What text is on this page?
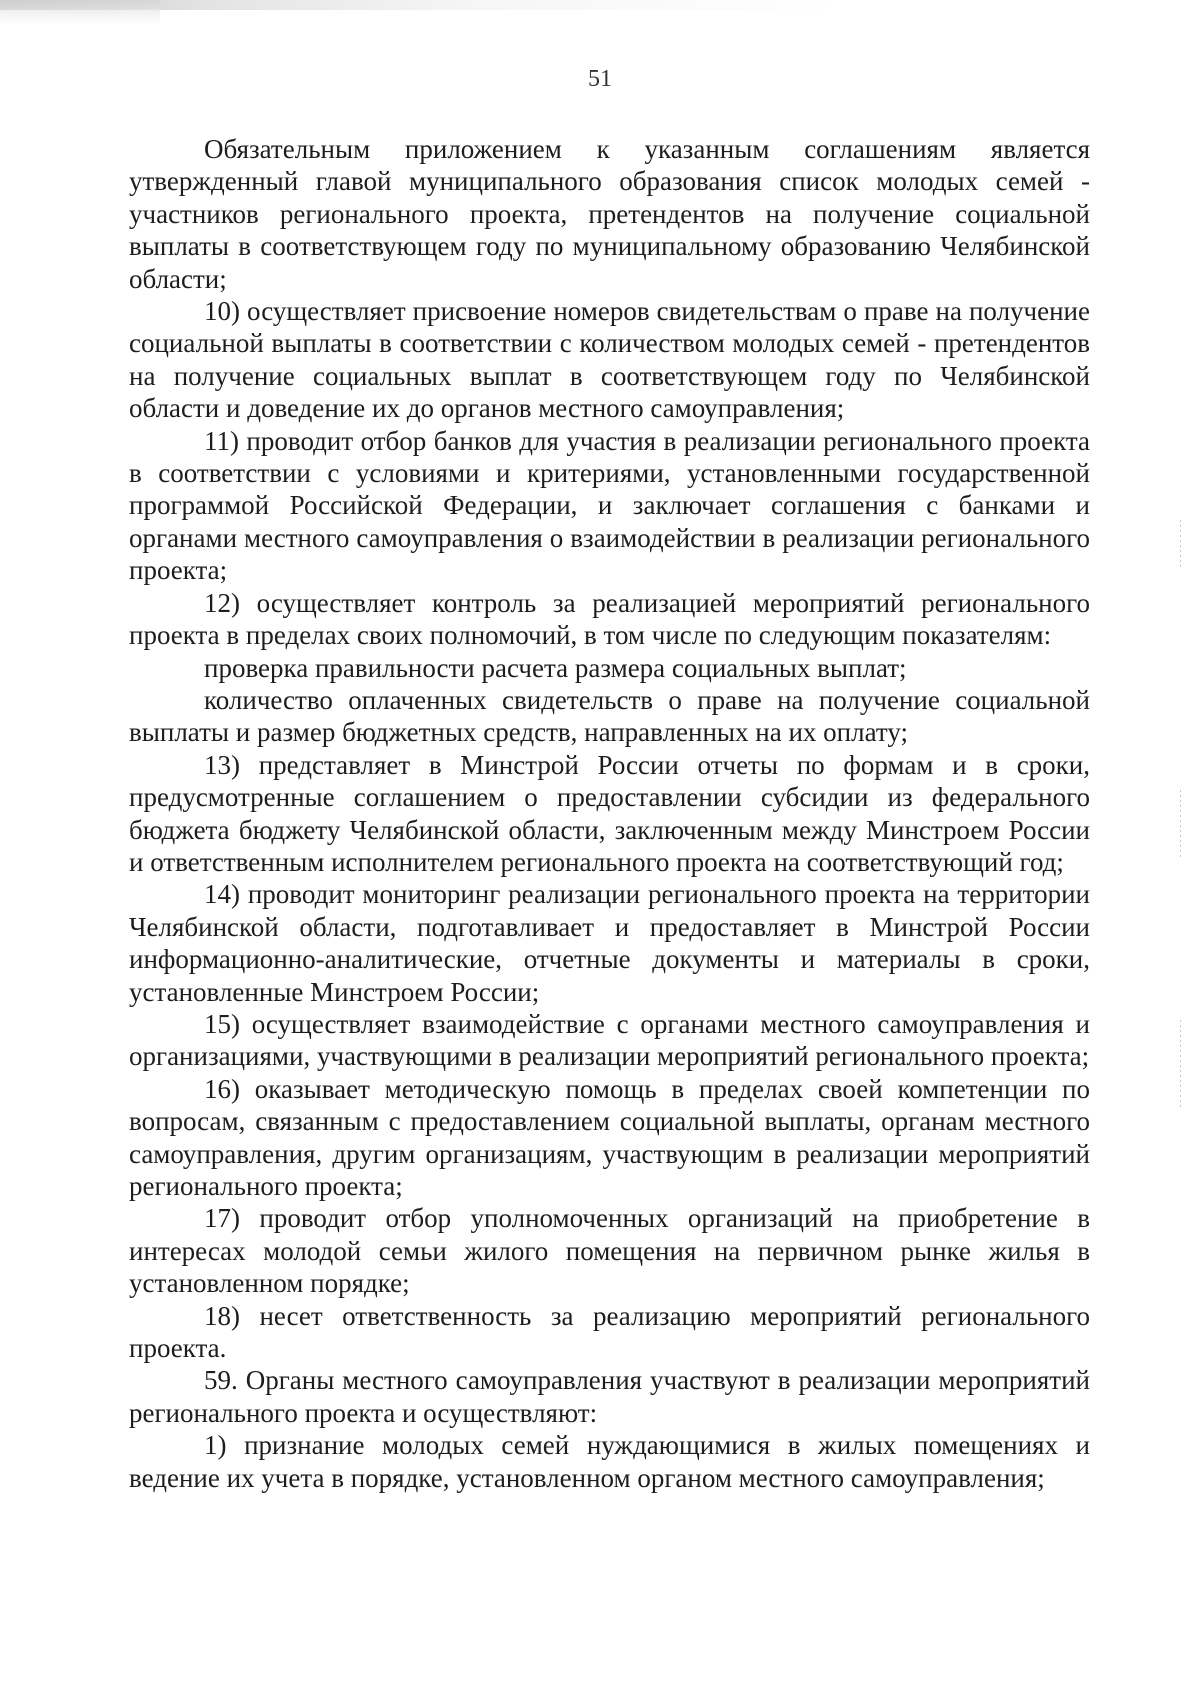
51

Обязательным приложением к указанным соглашениям является утвержденный главой муниципального образования список молодых семей - участников регионального проекта, претендентов на получение социальной выплаты в соответствующем году по муниципальному образованию Челябинской области;

10) осуществляет присвоение номеров свидетельствам о праве на получение социальной выплаты в соответствии с количеством молодых семей - претендентов на получение социальных выплат в соответствующем году по Челябинской области и доведение их до органов местного самоуправления;

11) проводит отбор банков для участия в реализации регионального проекта в соответствии с условиями и критериями, установленными государственной программой Российской Федерации, и заключает соглашения с банками и органами местного самоуправления о взаимодействии в реализации регионального проекта;

12) осуществляет контроль за реализацией мероприятий регионального проекта в пределах своих полномочий, в том числе по следующим показателям:

проверка правильности расчета размера социальных выплат;

количество оплаченных свидетельств о праве на получение социальной выплаты и размер бюджетных средств, направленных на их оплату;

13) представляет в Минстрой России отчеты по формам и в сроки, предусмотренные соглашением о предоставлении субсидии из федерального бюджета бюджету Челябинской области, заключенным между Минстроем России и ответственным исполнителем регионального проекта на соответствующий год;

14) проводит мониторинг реализации регионального проекта на территории Челябинской области, подготавливает и предоставляет в Минстрой России информационно-аналитические, отчетные документы и материалы в сроки, установленные Минстроем России;

15) осуществляет взаимодействие с органами местного самоуправления и организациями, участвующими в реализации мероприятий регионального проекта;

16) оказывает методическую помощь в пределах своей компетенции по вопросам, связанным с предоставлением социальной выплаты, органам местного самоуправления, другим организациям, участвующим в реализации мероприятий регионального проекта;

17) проводит отбор уполномоченных организаций на приобретение в интересах молодой семьи жилого помещения на первичном рынке жилья в установленном порядке;

18) несет ответственность за реализацию мероприятий регионального проекта.

59. Органы местного самоуправления участвуют в реализации мероприятий регионального проекта и осуществляют:

1) признание молодых семей нуждающимися в жилых помещениях и ведение их учета в порядке, установленном органом местного самоуправления;
